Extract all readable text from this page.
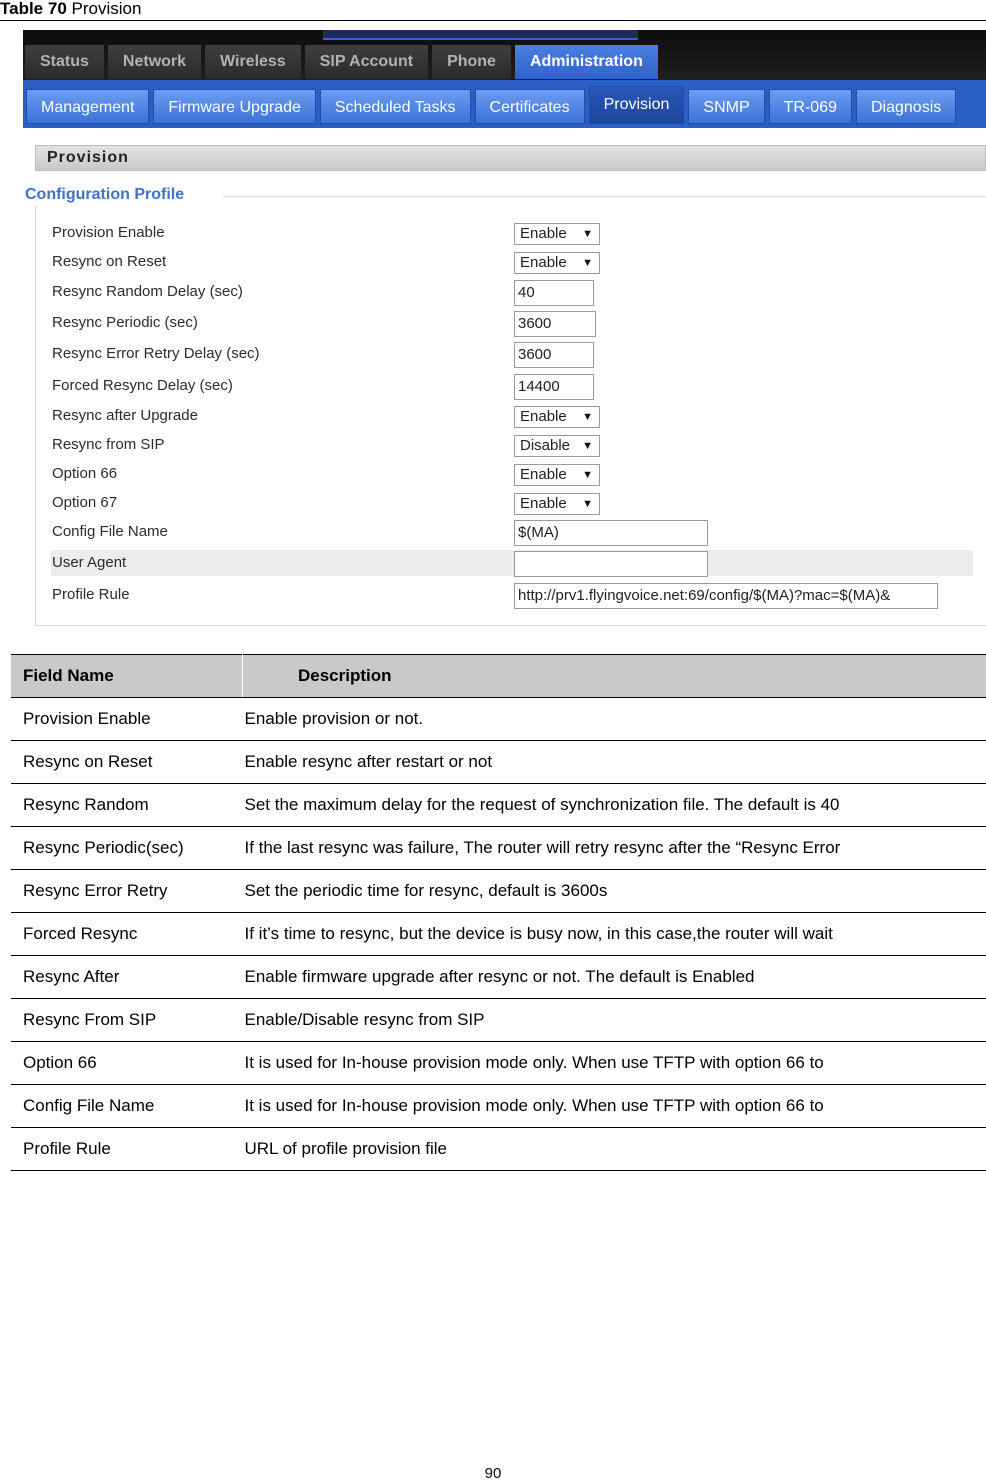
Table 70 Provision
Status	Network	Wireless	SIP Account	Phone	Administration
Management	Firmware Upgrade	Scheduled Tasks	Certificates	Provision	SNMP	TR-069	Diagnosis
Provision
Configuration Profile
Provision Enable	Enable ▼
Resync on Reset	Enable ▼
Resync Random Delay (sec)	40
Resync Periodic (sec)	3600
Resync Error Retry Delay (sec)	3600
Forced Resync Delay (sec)	14400
Resync after Upgrade	Enable ▼
Resync from SIP	Disable ▼
Option 66	Enable ▼
Option 67	Enable ▼
Config File Name	$(MA)
User Agent
Profile Rule	http://prv1.flyingvoice.net:69/config/$(MA)?mac=$(MA)&
Field Name	Description
Provision Enable	Enable provision or not.
Resync on Reset	Enable resync after restart or not
Resync Random	Set the maximum delay for the request of synchronization file. The default is 40
Resync Periodic(sec)	If the last resync was failure, The router will retry resync after the “Resync Error
Resync Error Retry	Set the periodic time for resync, default is 3600s
Forced Resync	If it’s time to resync, but the device is busy now, in this case,the router will wait
Resync After	Enable firmware upgrade after resync or not. The default is Enabled
Resync From SIP	Enable/Disable resync from SIP
Option 66	It is used for In-house provision mode only. When use TFTP with option 66 to
Config File Name	It is used for In-house provision mode only. When use TFTP with option 66 to
Profile Rule	URL of profile provision file
90
